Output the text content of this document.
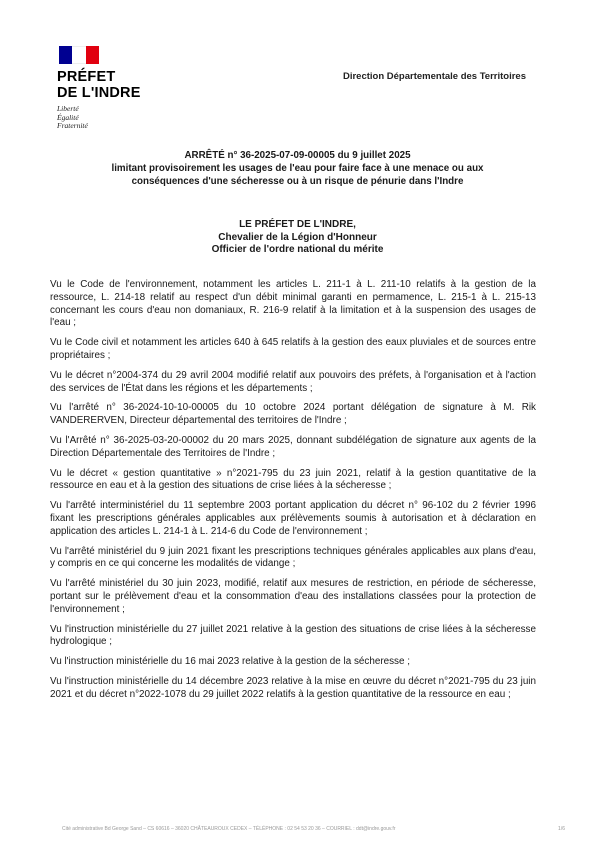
PRÉFET
DE L'INDRE
Liberté
Égalité
Fraternité
Direction Départementale des Territoires
ARRÊTÉ n° 36-2025-07-09-00005 du 9 juillet 2025
limitant provisoirement les usages de l'eau pour faire face à une menace ou aux
conséquences d'une sécheresse ou à un risque de pénurie dans l'Indre
LE PRÉFET DE L'INDRE,
Chevalier de la Légion d'Honneur
Officier de l'ordre national du mérite

Vu le Code de l'environnement, notamment les articles L. 211-1 à L. 211-10 relatifs à la gestion de la ressource, L. 214-18 relatif au respect d'un débit minimal garanti en permamence, L. 215-1 à L. 215-13 concernant les cours d'eau non domaniaux, R. 216-9 relatif à la limitation et à la suspension des usages de l'eau ;

Vu le Code civil et notamment les articles 640 à 645 relatifs à la gestion des eaux pluviales et de sources entre propriétaires ;

Vu le décret n°2004-374 du 29 avril 2004 modifié relatif aux pouvoirs des préfets, à l'organisation et à l'action des services de l'État dans les régions et les départements ;

Vu l'arrêté n° 36-2024-10-10-00005 du 10 octobre 2024 portant délégation de signature à M. Rik VANDERERVEN, Directeur départemental des territoires de l'Indre ;

Vu l'Arrêté n° 36-2025-03-20-00002 du 20 mars 2025, donnant subdélégation de signature aux agents de la Direction Départementale des Territoires de l'Indre ;

Vu le décret « gestion quantitative » n°2021-795 du 23 juin 2021, relatif à la gestion quantitative de la ressource en eau et à la gestion des situations de crise liées à la sécheresse ;

Vu l'arrêté interministériel du 11 septembre 2003 portant application du décret n° 96-102 du 2 février 1996 fixant les prescriptions générales applicables aux prélèvements soumis à autorisation et à déclaration en application des articles L. 214-1 à L. 214-6 du Code de l'environnement ;

Vu l'arrêté ministériel du 9 juin 2021 fixant les prescriptions techniques générales applicables aux plans d'eau, y compris en ce qui concerne les modalités de vidange ;

Vu l'arrêté ministériel du 30 juin 2023, modifié, relatif aux mesures de restriction, en période de sécheresse, portant sur le prélèvement d'eau et la consommation d'eau des installations classées pour la protection de l'environnement ;

Vu l'instruction ministérielle du 27 juillet 2021 relative à la gestion des situations de crise liées à la sécheresse hydrologique ;

Vu l'instruction ministérielle du 16 mai 2023 relative à la gestion de la sécheresse ;

Vu l'instruction ministérielle du 14 décembre 2023 relative à la mise en œuvre du décret n°2021-795 du 23 juin 2021 et du décret n°2022-1078 du 29 juillet 2022 relatifs à la gestion quantitative de la ressource en eau ;

Cité administrative Bd George Sand – CS 60616 – 36020 CHÂTEAUROUX CEDEX – TÉLÉPHONE : 02 54 53 20 36 – COURRIEL : ddt@indre.gouv.fr	1/6
